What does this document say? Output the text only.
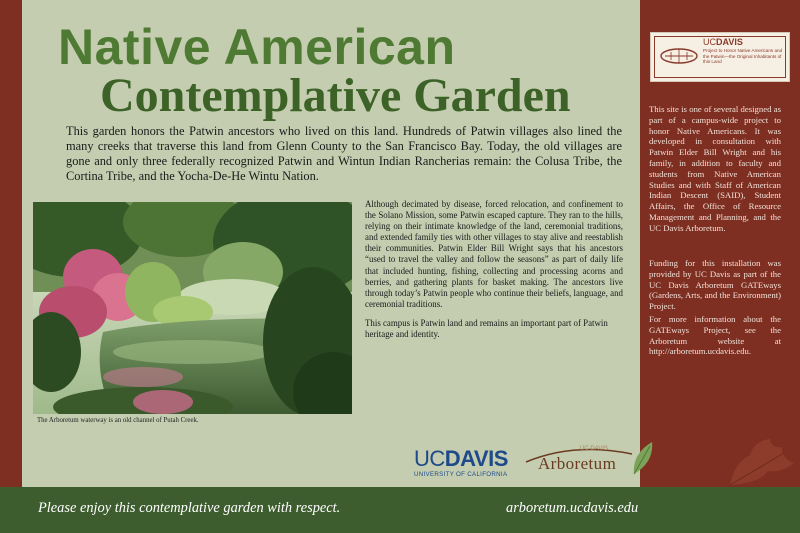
Native American
Contemplative Garden

This garden honors the Patwin ancestors who lived on this land. Hundreds of Patwin villages also lined the many creeks that traverse this land from Glenn County to the San Francisco Bay. Today, the old villages are gone and only three federally recognized Patwin and Wintun Indian Rancherias remain: the Colusa Tribe, the Cortina Tribe, and the Yocha-De-He Wintu Nation.

The Arboretum waterway is an old channel of Putah Creek.

Although decimated by disease, forced relocation, and confinement to the Solano Mission, some Patwin escaped capture. They ran to the hills, relying on their intimate knowledge of the land, ceremonial traditions, and extended family ties with other villages to stay alive and reestablish their communities. Patwin Elder Bill Wright says that his ancestors “used to travel the valley and follow the seasons” as part of daily life that included hunting, fishing, collecting and processing acorns and berries, and gathering plants for basket making. The ancestors live through today’s Patwin people who continue their beliefs, language, and ceremonial traditions.

This campus is Patwin land and remains an important part of Patwin heritage and identity.

UCDAVIS
UNIVERSITY OF CALIFORNIA
UC DAVIS
Arboretum
UCDAVIS

Project to Honor Native Americans and the Patwin—the Original Inhabitants of this Land

This site is one of several designed as part of a campus-wide project to honor Native Americans. It was developed in consultation with Patwin Elder Bill Wright and his family, in addition to faculty and students from Native American Studies and with Staff of American Indian Descent (SAID), Student Affairs, the Office of Resource Management and Planning, and the UC Davis Arboretum.

Funding for this installation was provided by UC Davis as part of the UC Davis Arboretum GATEways (Gardens, Arts, and the Environment) Project.

For more information about the GATEways Project, see the Arboretum website at http://arboretum.ucdavis.edu.

Please enjoy this contemplative garden with respect.	arboretum.ucdavis.edu
